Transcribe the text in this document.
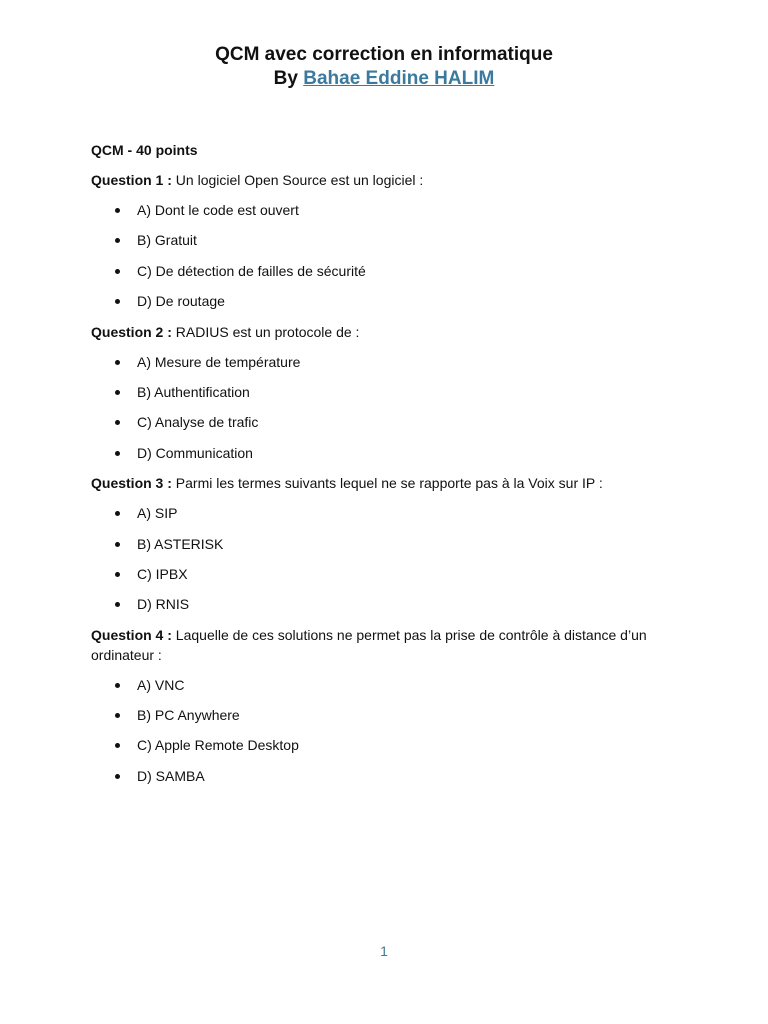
QCM avec correction en informatique
By Bahae Eddine HALIM
QCM - 40 points
Question 1 : Un logiciel Open Source est un logiciel :
A) Dont le code est ouvert
B) Gratuit
C) De détection de failles de sécurité
D) De routage
Question 2 : RADIUS est un protocole de :
A) Mesure de température
B) Authentification
C) Analyse de trafic
D) Communication
Question 3 : Parmi les termes suivants lequel ne se rapporte pas à la Voix sur IP :
A) SIP
B) ASTERISK
C) IPBX
D) RNIS
Question 4 : Laquelle de ces solutions ne permet pas la prise de contrôle à distance d’un ordinateur :
A) VNC
B) PC Anywhere
C) Apple Remote Desktop
D) SAMBA
1
